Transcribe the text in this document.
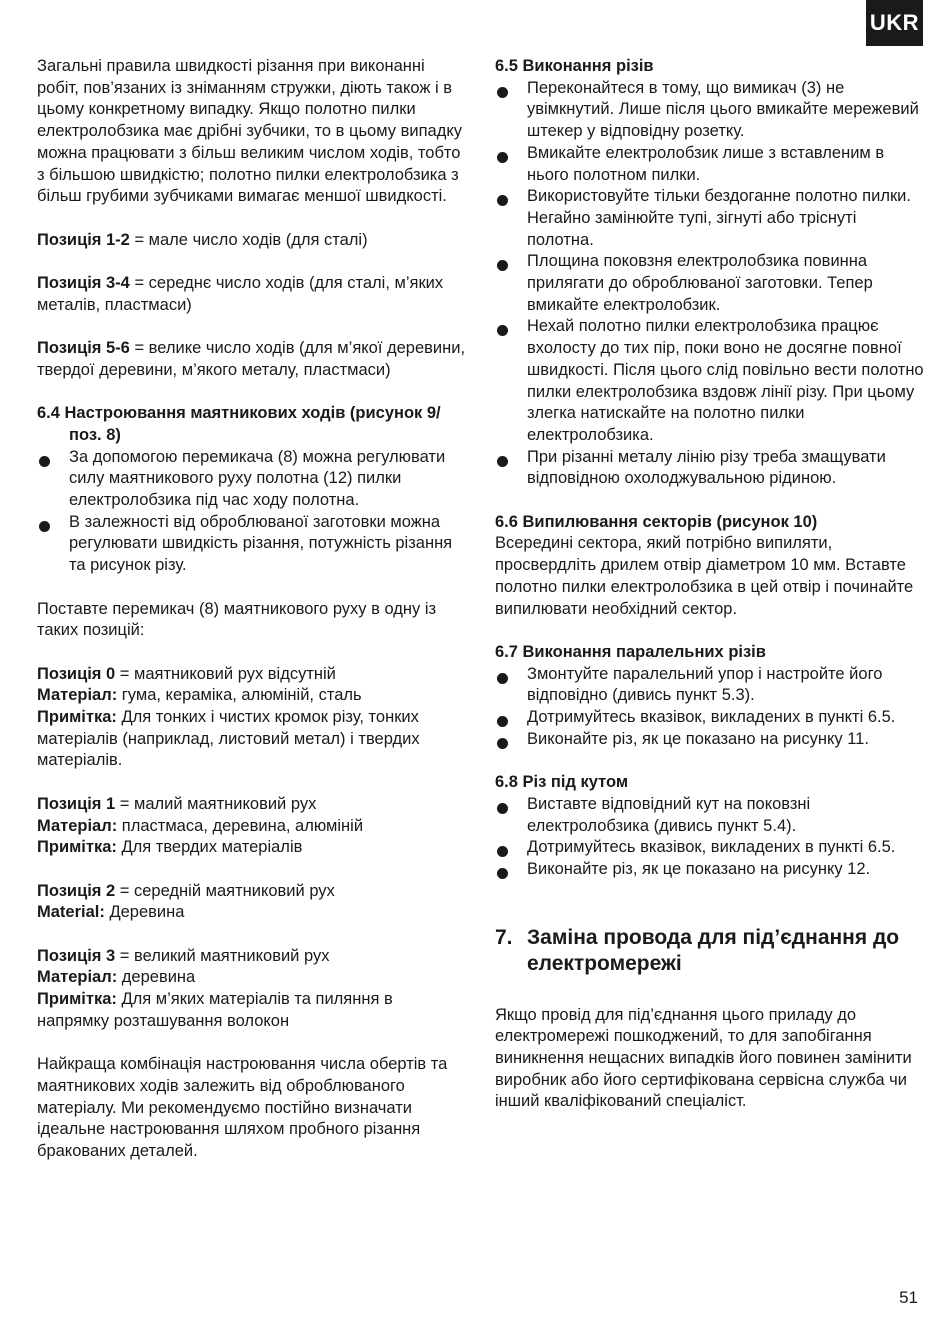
UKR

Загальні правила швидкості різання при виконанні робіт, пов’язаних із зніманням стружки, діють також і в цьому конкретному випадку. Якщо полотно пилки електролобзика має дрібні зубчики, то в цьому випадку можна працювати з більш великим числом ходів, тобто з більшою швидкістю; полотно пилки електролобзика з більш грубими зубчиками вимагає меншої швидкості.

Позиція 1-2 = мале число ходів (для сталі)

Позиція 3-4 = середнє число ходів (для сталі, м’яких металів, пластмаси)

Позиція 5-6 = велике число ходів (для м’якої деревини, твердої деревини, м’якого металу, пластмаси)

6.4 Настроювання маятникових ходів (рисунок 9/поз. 8)

За допомогою перемикача (8) можна регулювати силу маятникового руху полотна (12) пилки електролобзика під час ходу полотна.
В залежності від оброблюваної заготовки можна регулювати швидкість різання, потужність різання та рисунок різу.

Поставте перемикач (8) маятникового руху в одну із таких позицій:

Позиція 0 = маятниковий рух відсутній

Матеріал: гума, кераміка, алюміній, сталь

Примітка: Для тонких і чистих кромок різу, тонких матеріалів (наприклад, листовий метал) і твердих матеріалів.

Позиція 1 = малий маятниковий рух

Матеріал: пластмаса, деревина, алюміній

Примітка: Для твердих матеріалів

Позиція 2 = середній маятниковий рух

Material: Деревина

Позиція 3 = великий маятниковий рух

Матеріал: деревина

Примітка: Для м’яких матеріалів та пиляння в напрямку розташування волокон

Найкраща комбінація настроювання числа обертів та маятникових ходів залежить від оброблюваного матеріалу. Ми рекомендуємо постійно визначати ідеальне настроювання шляхом пробного різання бракованих деталей.

6.5 Виконання різів

Переконайтеся в тому, що вимикач (3) не увімкнутий. Лише після цього вмикайте мережевий штекер у відповідну розетку.
Вмикайте електролобзик лише з вставленим в нього полотном пилки.
Використовуйте тільки бездоганне полотно пилки. Негайно замінюйте тупі, зігнуті або тріснуті полотна.
Площина поковзня електролобзика повинна прилягати до оброблюваної заготовки. Тепер вмикайте електролобзик.
Нехай полотно пилки електролобзика працює вхолосту до тих пір, поки воно не досягне повної швидкості. Після цього слід повільно вести полотно пилки електролобзика вздовж лінії різу. При цьому злегка натискайте на полотно пилки електролобзика.
При різанні металу лінію різу треба змащувати відповідною охолоджувальною рідиною.

6.6 Випилювання секторів (рисунок 10)

Всередині сектора, який потрібно випиляти, просвердліть дрилем отвір діаметром 10 мм. Вставте полотно пилки електролобзика в цей отвір і починайте випилювати необхідний сектор.

6.7 Виконання паралельних різів

Змонтуйте паралельний упор і настройте його відповідно (дивись пункт 5.3).
Дотримуйтесь вказівок, викладених в пункті 6.5.
Виконайте різ, як це показано на рисунку 11.

6.8 Різ під кутом

Виставте відповідний кут на поковзні електролобзика (дивись пункт 5.4).
Дотримуйтесь вказівок, викладених в пункті 6.5.
Виконайте різ, як це показано на рисунку 12.
7. Заміна провода для під’єднання до електромережі

Якщо провід для під’єднання цього приладу до електромережі пошкоджений, то для запобігання виникнення нещасних випадків його повинен замінити виробник або його сертифікована сервісна служба чи інший кваліфікований спеціаліст.

51
